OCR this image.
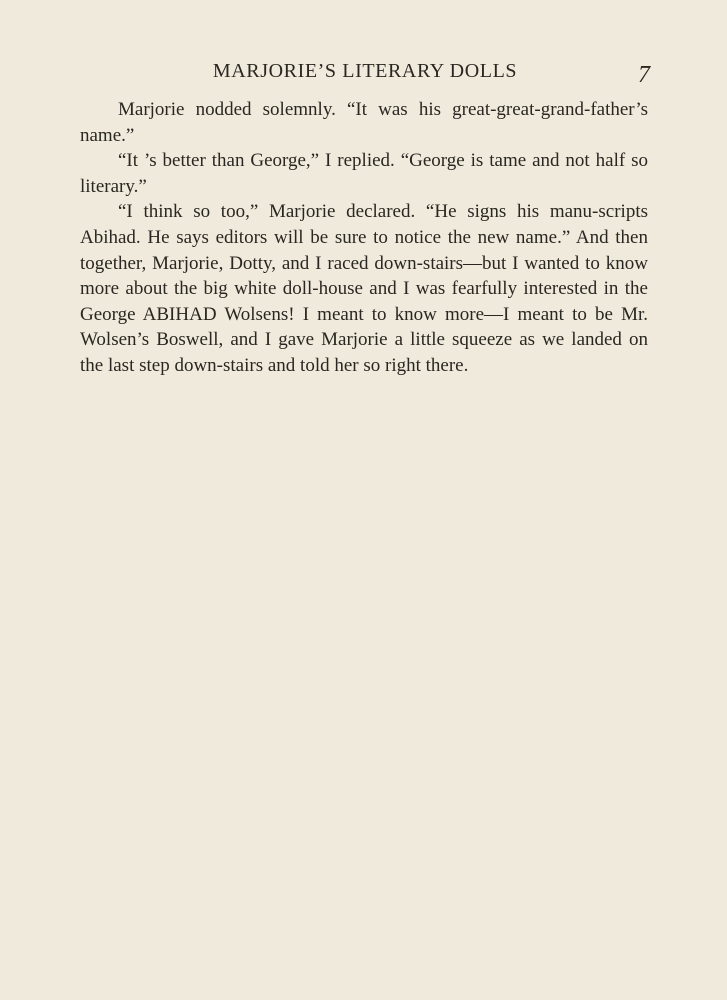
MARJORIE’S LITERARY DOLLS	7

Marjorie nodded solemnly. “It was his great-great-grand-father’s name.”

“It ’s better than George,” I replied. “George is tame and not half so literary.”

“I think so too,” Marjorie declared. “He signs his manu-scripts Abihad. He says editors will be sure to notice the new name.” And then together, Marjorie, Dotty, and I raced down-stairs—but I wanted to know more about the big white doll-house and I was fearfully interested in the George ABIHAD Wolsens! I meant to know more—I meant to be Mr. Wolsen’s Boswell, and I gave Marjorie a little squeeze as we landed on the last step down-stairs and told her so right there.
